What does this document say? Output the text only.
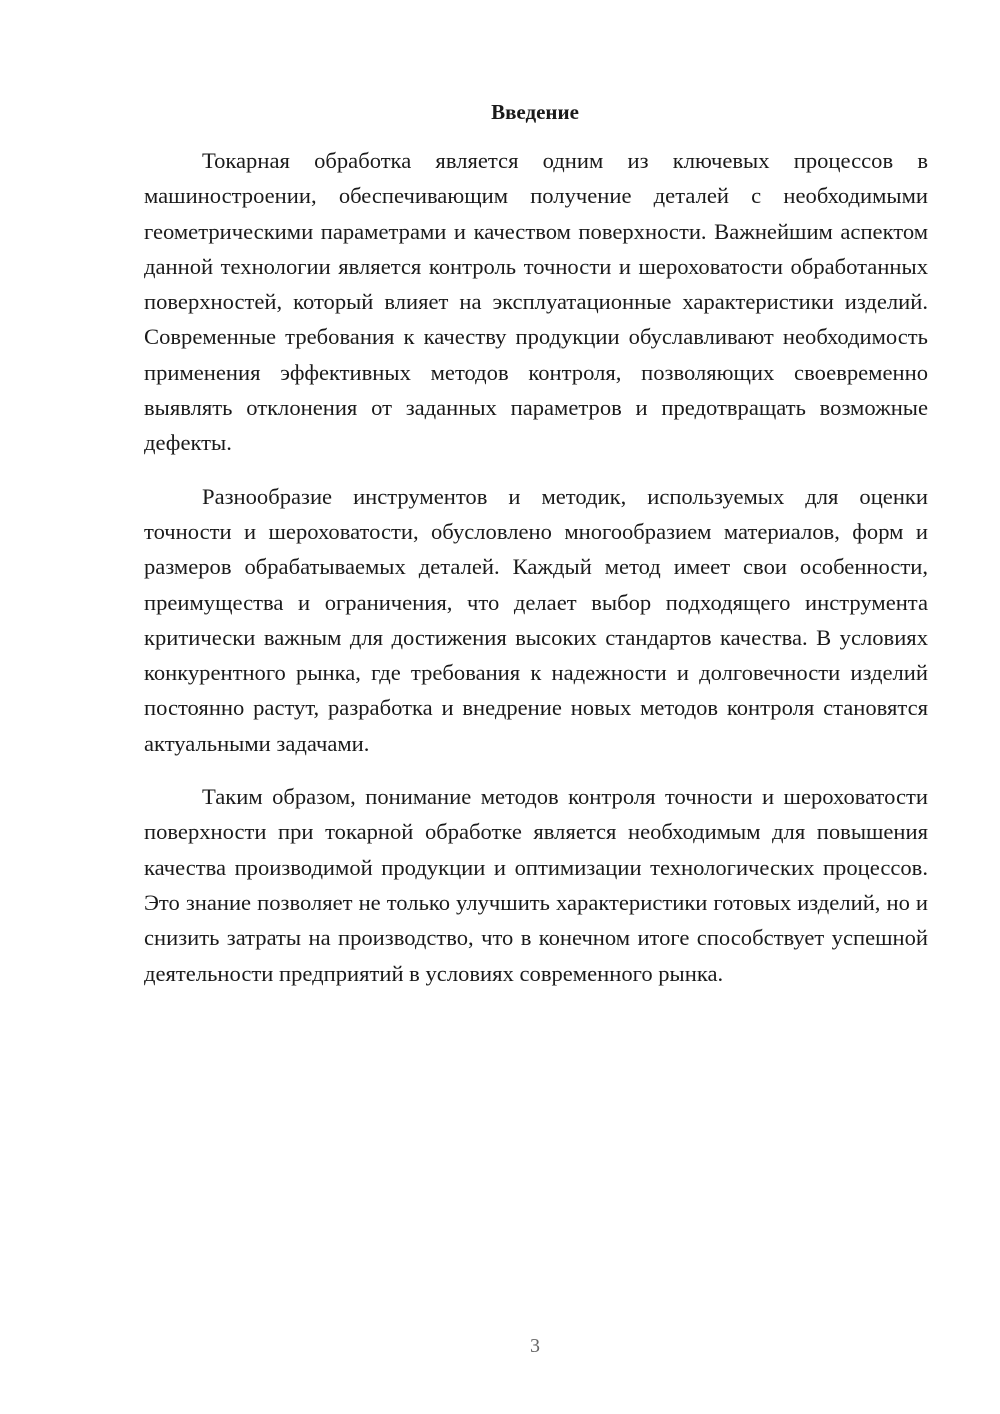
Введение

Токарная обработка является одним из ключевых процессов в машиностроении, обеспечивающим получение деталей с необходимыми геометрическими параметрами и качеством поверхности. Важнейшим аспектом данной технологии является контроль точности и шероховатости обработанных поверхностей, который влияет на эксплуатационные характеристики изделий. Современные требования к качеству продукции обуславливают необходимость применения эффективных методов контроля, позволяющих своевременно выявлять отклонения от заданных параметров и предотвращать возможные дефекты.

Разнообразие инструментов и методик, используемых для оценки точности и шероховатости, обусловлено многообразием материалов, форм и размеров обрабатываемых деталей. Каждый метод имеет свои особенности, преимущества и ограничения, что делает выбор подходящего инструмента критически важным для достижения высоких стандартов качества. В условиях конкурентного рынка, где требования к надежности и долговечности изделий постоянно растут, разработка и внедрение новых методов контроля становятся актуальными задачами.

Таким образом, понимание методов контроля точности и шероховатости поверхности при токарной обработке является необходимым для повышения качества производимой продукции и оптимизации технологических процессов. Это знание позволяет не только улучшить характеристики готовых изделий, но и снизить затраты на производство, что в конечном итоге способствует успешной деятельности предприятий в условиях современного рынка.

3
